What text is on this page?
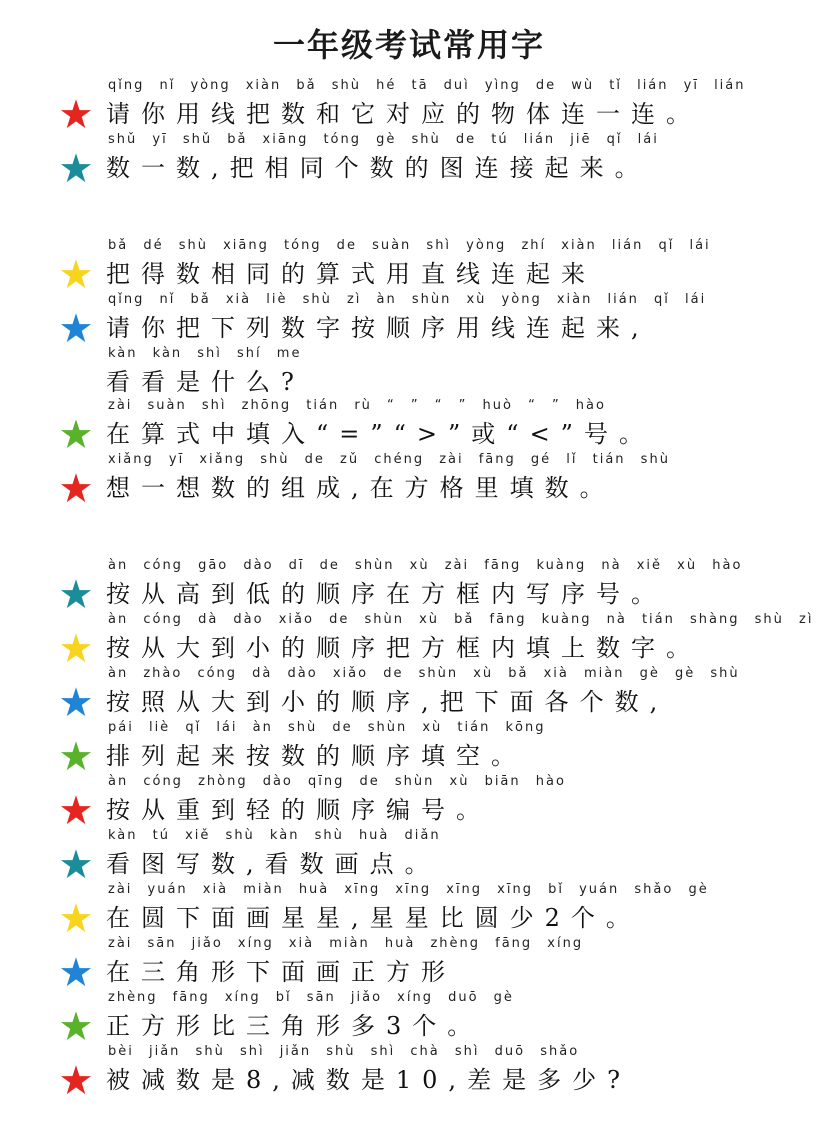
一年级考试常用字
qǐng nǐ yòng xiàn bǎ shù hé tā duì yìng de wù tǐ lián yī lián
请你用线把数和它对应的物体连一连。
shǔ yī shǔ bǎ xiāng tóng gè shù de tú lián jiē qǐ lái
数一数,把相同个数的图连接起来。
bǎ dé shù xiāng tóng de suàn shì yòng zhí xiàn lián qǐ lái
把得数相同的算式用直线连起来
qǐng nǐ bǎ xià liè shù zì àn shùn xù yòng xiàn lián qǐ lái
请你把下列数字按顺序用线连起来,
kàn kàn shì shí me
看看是什么?
zài suàn shì zhōng tián rù “ ” “ ” huò “ ” hào
在算式中填入“=”“>”或“<”号。
xiǎng yī xiǎng shù de zǔ chéng zài fāng gé lǐ tián shù
想一想数的组成,在方格里填数。
àn cóng gāo dào dī de shùn xù zài fāng kuàng nà xiě xù hào
按从高到低的顺序在方框内写序号。
àn cóng dà dào xiǎo de shùn xù bǎ fāng kuàng nà tián shàng shù zì
按从大到小的顺序把方框内填上数字。
àn zhào cóng dà dào xiǎo de shùn xù bǎ xià miàn gè gè shù
按照从大到小的顺序,把下面各个数,
pái liè qǐ lái àn shù de shùn xù tián kōng
排列起来按数的顺序填空。
àn cóng zhòng dào qīng de shùn xù biān hào
按从重到轻的顺序编号。
kàn tú xiě shù kàn shù huà diǎn
看图写数,看数画点。
zài yuán xià miàn huà xīng xīng xīng xīng bǐ yuán shǎo gè
在圆下面画星星,星星比圆少2个。
zài sān jiǎo xíng xià miàn huà zhèng fāng xíng
在三角形下面画正方形
zhèng fāng xíng bǐ sān jiǎo xíng duō gè
正方形比三角形多3个。
bèi jiǎn shù shì jiǎn shù shì chà shì duō shǎo
被减数是8,减数是10,差是多少?
